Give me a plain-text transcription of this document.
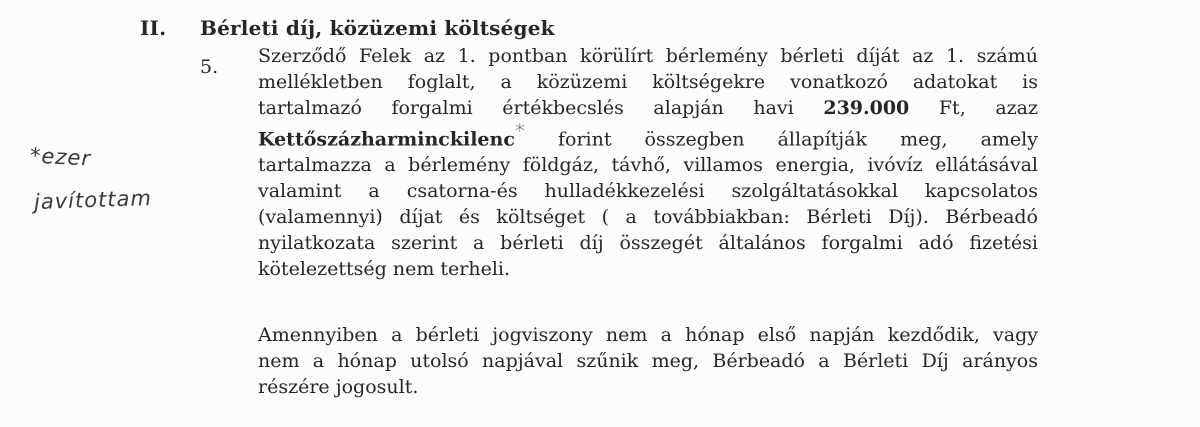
II. Bérleti díj, közüzemi költségek
5. Szerződő Felek az 1. pontban körülírt bérlemény bérleti díját az 1. számú
mellékletben foglalt, a közüzemi költségekre vonatkozó adatokat is
tartalmazó forgalmi értékbecslés alapján havi 239.000 Ft, azaz
Kettőszázharminckilenc* forint összegben állapítják meg, amely
tartalmazza a bérlemény földgáz, távhő, villamos energia, ivóvíz ellátásával
valamint a csatorna-és hulladékkezelési szolgáltatásokkal kapcsolatos
(valamennyi) díjat és költséget ( a továbbiakban: Bérleti Díj). Bérbeadó
nyilatkozata szerint a bérleti díj összegét általános forgalmi adó fizetési
kötelezettség nem terheli.
Amennyiben a bérleti jogviszony nem a hónap első napján kezdődik, vagy
nem a hónap utolsó napjával szűnik meg, Bérbeadó a Bérleti Díj arányos
részére jogosult.
*ezer
javítottam
